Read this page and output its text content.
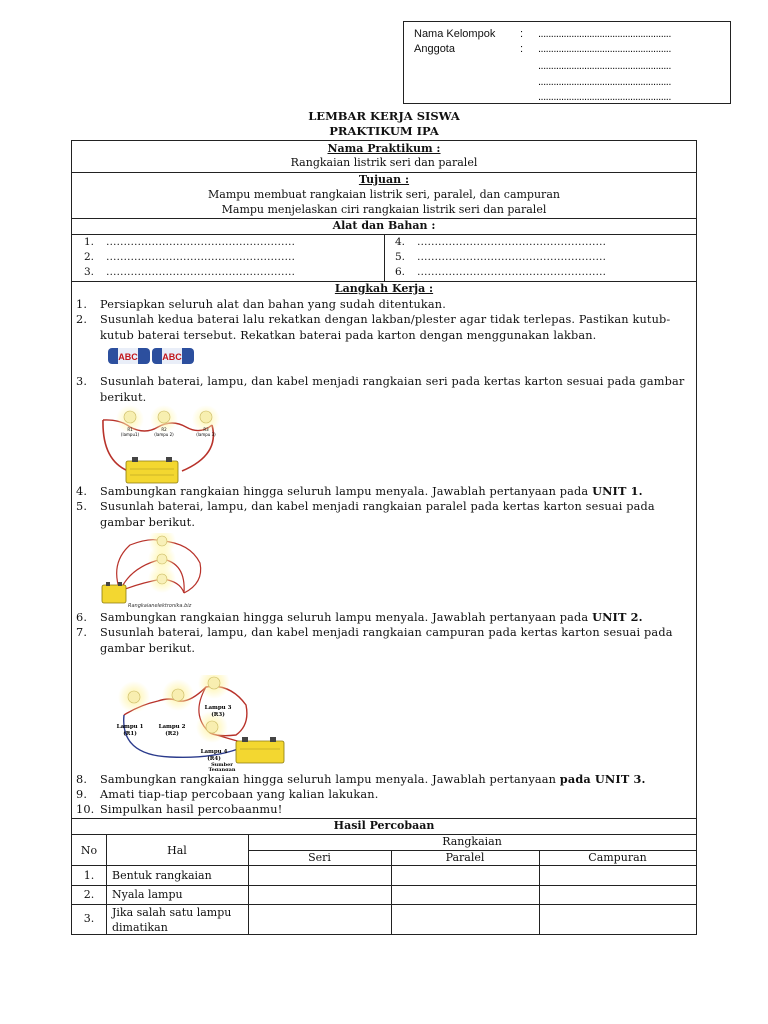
Nama Kelompok	: ....................................................
Anggota	: ....................................................
....................................................
....................................................
....................................................
LEMBAR KERJA SISWA
PRAKTIKUM IPA
Nama Praktikum :
Rangkaian listrik seri dan paralel
Tujuan :
Mampu membuat rangkaian listrik seri, paralel, dan campuran
Mampu menjelaskan ciri rangkaian listrik seri dan paralel
Alat dan Bahan :
1. ………………………………………………
2. ………………………………………………
3. ………………………………………………
4. ………………………………………………
5. ………………………………………………
6. ………………………………………………
Langkah Kerja :
1.	Persiapkan seluruh alat dan bahan yang sudah ditentukan.
2.	Susunlah kedua baterai lalu rekatkan dengan lakban/plester agar tidak terlepas. Pastikan kutub-kutub baterai tersebut. Rekatkan baterai pada karton dengan menggunakan lakban.
ABC	ABC
3.	Susunlah baterai, lampu, dan kabel menjadi rangkaian seri pada kertas karton sesuai pada gambar berikut.
R1
(lampu1)
R2
(lampu 2)
R3
(lampu 3)
4.	Sambungkan rangkaian hingga seluruh lampu menyala. Jawablah pertanyaan pada UNIT 1.
5.	Susunlah baterai, lampu, dan kabel menjadi rangkaian paralel pada kertas karton sesuai pada gambar berikut.
Rangkaianelektronika.biz
6.	Sambungkan rangkaian hingga seluruh lampu menyala. Jawablah pertanyaan pada UNIT 2.
7.	Susunlah baterai, lampu, dan kabel menjadi rangkaian campuran pada kertas karton sesuai pada gambar berikut.
Lampu 1
(R1)
Lampu 2
(R2)
Lampu 3
(R3)
Lampu 4
(R4)
Sumber
Tegangan
8.	Sambungkan rangkaian hingga seluruh lampu menyala. Jawablah pertanyaan pada UNIT 3.
9.	Amati tiap-tiap percobaan yang kalian lakukan.
10. Simpulkan hasil percobaanmu!
Hasil Percobaan
No	Hal
Rangkaian
Seri	Paralel	Campuran
1.	Bentuk rangkaian
2.	Nyala lampu
3.	Jika salah satu lampu dimatikan
